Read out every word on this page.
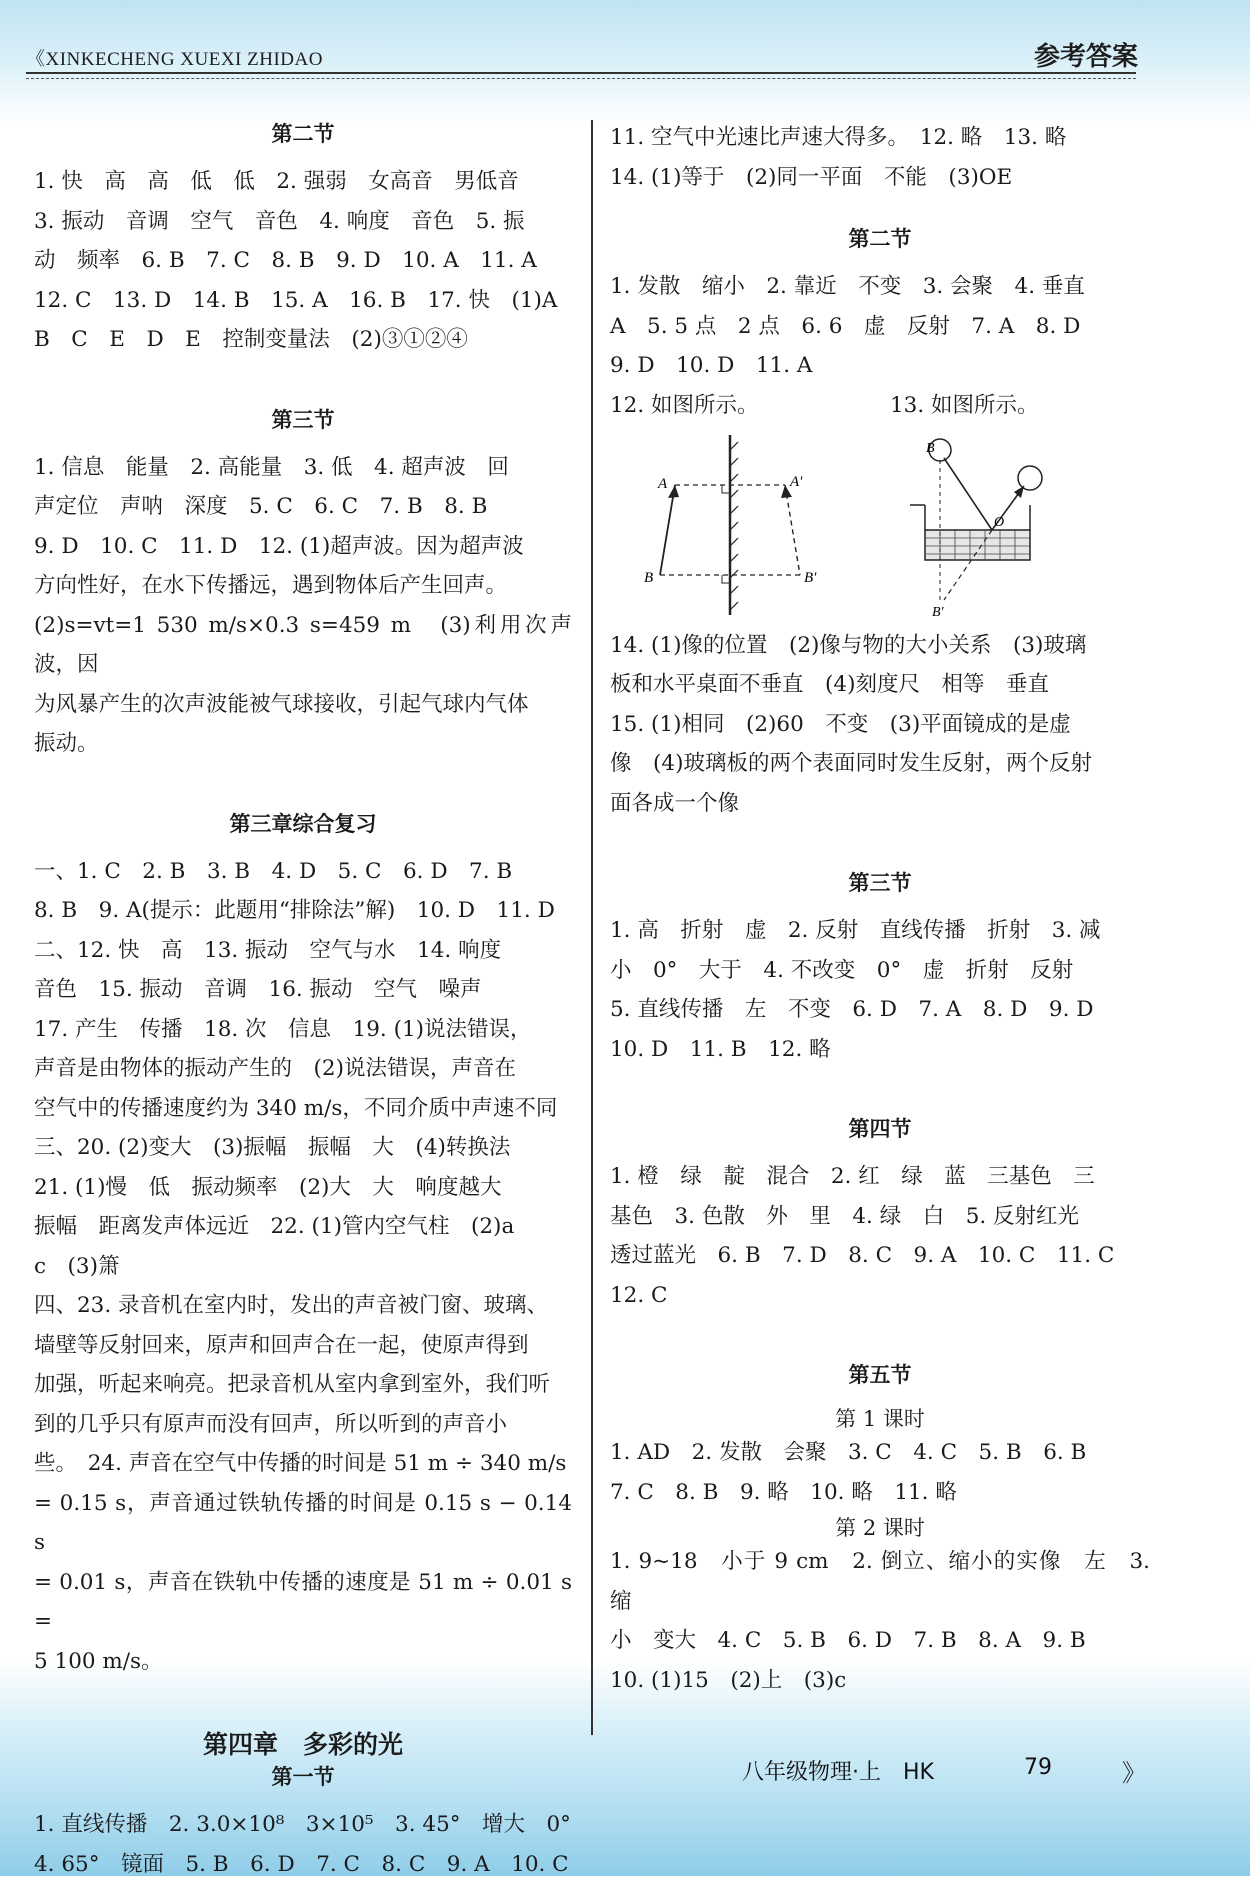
《XINKECHENG XUEXI ZHIDAO	参考答案

第二节

1. 快　高　高　低　低　2. 强弱　女高音　男低音

3. 振动　音调　空气　音色　4. 响度　音色　5. 振

动　频率　6. B　7. C　8. B　9. D　10. A　11. A

12. C　13. D　14. B　15. A　16. B　17. 快　(1)A

B　C　E　D　E　控制变量法　(2)③①②④

第三节

1. 信息　能量　2. 高能量　3. 低　4. 超声波　回

声定位　声呐　深度　5. C　6. C　7. B　8. B

9. D　10. C　11. D　12. (1)超声波。因为超声波

方向性好，在水下传播远，遇到物体后产生回声。

(2)s=vt=1 530 m/s×0.3 s=459 m　(3)利用次声波，因

为风暴产生的次声波能被气球接收，引起气球内气体

振动。

第三章综合复习

一、1. C　2. B　3. B　4. D　5. C　6. D　7. B

8. B　9. A(提示：此题用“排除法”解)　10. D　11. D

二、12. 快　高　13. 振动　空气与水　14. 响度

音色　15. 振动　音调　16. 振动　空气　噪声

17. 产生　传播　18. 次　信息　19. (1)说法错误，

声音是由物体的振动产生的　(2)说法错误，声音在

空气中的传播速度约为 340 m/s，不同介质中声速不同

三、20. (2)变大　(3)振幅　振幅　大　(4)转换法

21. (1)慢　低　振动频率　(2)大　大　响度越大

振幅　距离发声体远近　22. (1)管内空气柱　(2)a

c　(3)箫

四、23. 录音机在室内时，发出的声音被门窗、玻璃、

墙壁等反射回来，原声和回声合在一起，使原声得到

加强，听起来响亮。把录音机从室内拿到室外，我们听

到的几乎只有原声而没有回声，所以听到的声音小

些。　24. 声音在空气中传播的时间是 51 m ÷ 340 m/s

= 0.15 s，声音通过铁轨传播的时间是 0.15 s − 0.14 s

= 0.01 s，声音在铁轨中传播的速度是 51 m ÷ 0.01 s =

5 100 m/s。

第四章　多彩的光

第一节

1. 直线传播　2. 3.0×10⁸　3×10⁵　3. 45°　增大　0°

4. 65°　镜面　5. B　6. D　7. C　8. C　9. A　10. C

11. 空气中光速比声速大得多。　12. 略　13. 略

14. (1)等于　(2)同一平面　不能　(3)OE

第二节

1. 发散　缩小　2. 靠近　不变　3. 会聚　4. 垂直

A　5. 5 点　2 点　6. 6　虚　反射　7. A　8. D

9. D　10. D　11. A

12. 如图所示。	13. 如图所示。
A	A′
B	B′
B
O
B′

14. (1)像的位置　(2)像与物的大小关系　(3)玻璃

板和水平桌面不垂直　(4)刻度尺　相等　垂直

15. (1)相同　(2)60　不变　(3)平面镜成的是虚

像　(4)玻璃板的两个表面同时发生反射，两个反射

面各成一个像

第三节

1. 高　折射　虚　2. 反射　直线传播　折射　3. 减

小　0°　大于　4. 不改变　0°　虚　折射　反射

5. 直线传播　左　不变　6. D　7. A　8. D　9. D

10. D　11. B　12. 略

第四节

1. 橙　绿　靛　混合　2. 红　绿　蓝　三基色　三

基色　3. 色散　外　里　4. 绿　白　5. 反射红光

透过蓝光　6. B　7. D　8. C　9. A　10. C　11. C

12. C

第五节

第 1 课时

1. AD　2. 发散　会聚　3. C　4. C　5. B　6. B

7. C　8. B　9. 略　10. 略　11. 略

第 2 课时

1. 9~18　小于 9 cm　2. 倒立、缩小的实像　左　3. 缩

小　变大　4. C　5. B　6. D　7. B　8. A　9. B

10. (1)15　(2)上　(3)c

八年级物理·上　HK	79	》
